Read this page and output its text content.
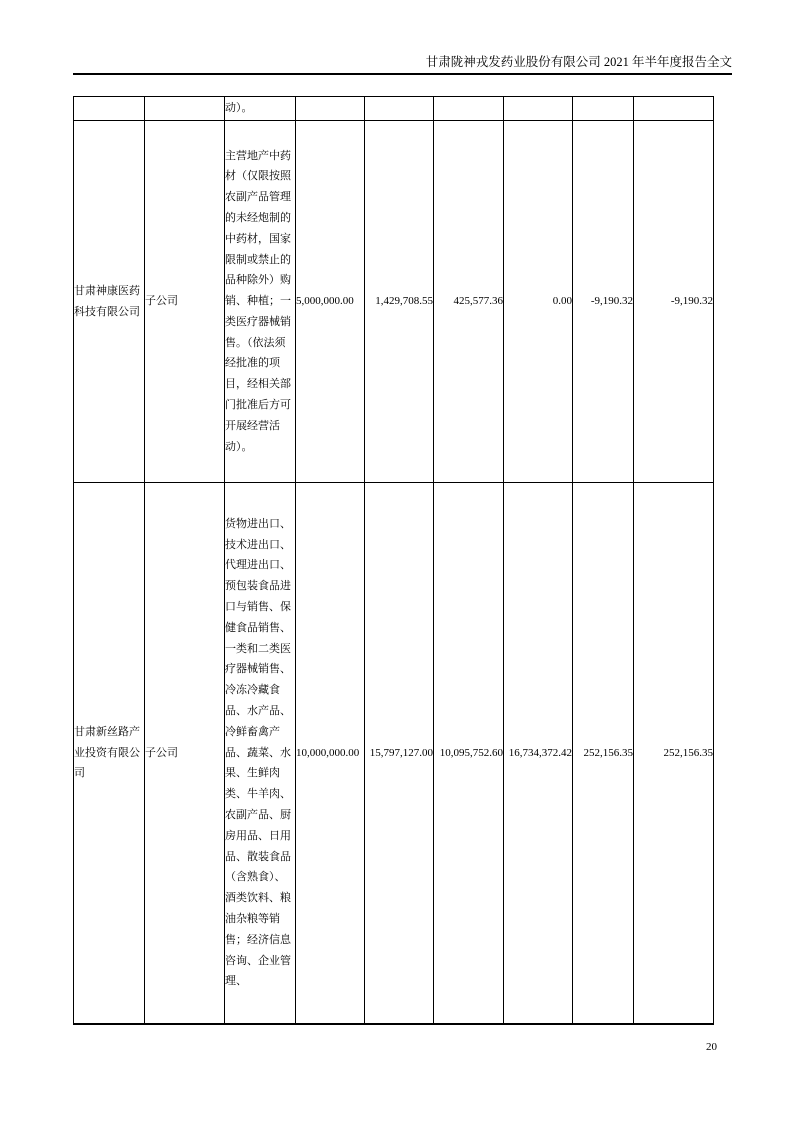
甘肃陇神戎发药业股份有限公司 2021 年半年度报告全文
		动）。						
甘肃神康医药科技有限公司	子公司	主营地产中药材（仅限按照农副产品管理的未经炮制的中药材，国家限制或禁止的品种除外）购销、种植；一类医疗器械销售。（依法须经批准的项目，经相关部门批准后方可开展经营活动）。	5,000,000.00	1,429,708.55	425,577.36	0.00	-9,190.32	-9,190.32
甘肃新丝路产业投资有限公司	子公司	货物进出口、技术进出口、代理进出口、预包装食品进口与销售、保健食品销售、一类和二类医疗器械销售、冷冻冷藏食品、水产品、冷鲜畜禽产品、蔬菜、水果、生鲜肉类、牛羊肉、农副产品、厨房用品、日用品、散装食品（含熟食）、酒类饮料、粮油杂粮等销售；经济信息咨询、企业管理、	10,000,000.00	15,797,127.00	10,095,752.60	16,734,372.42	252,156.35	252,156.35
20
